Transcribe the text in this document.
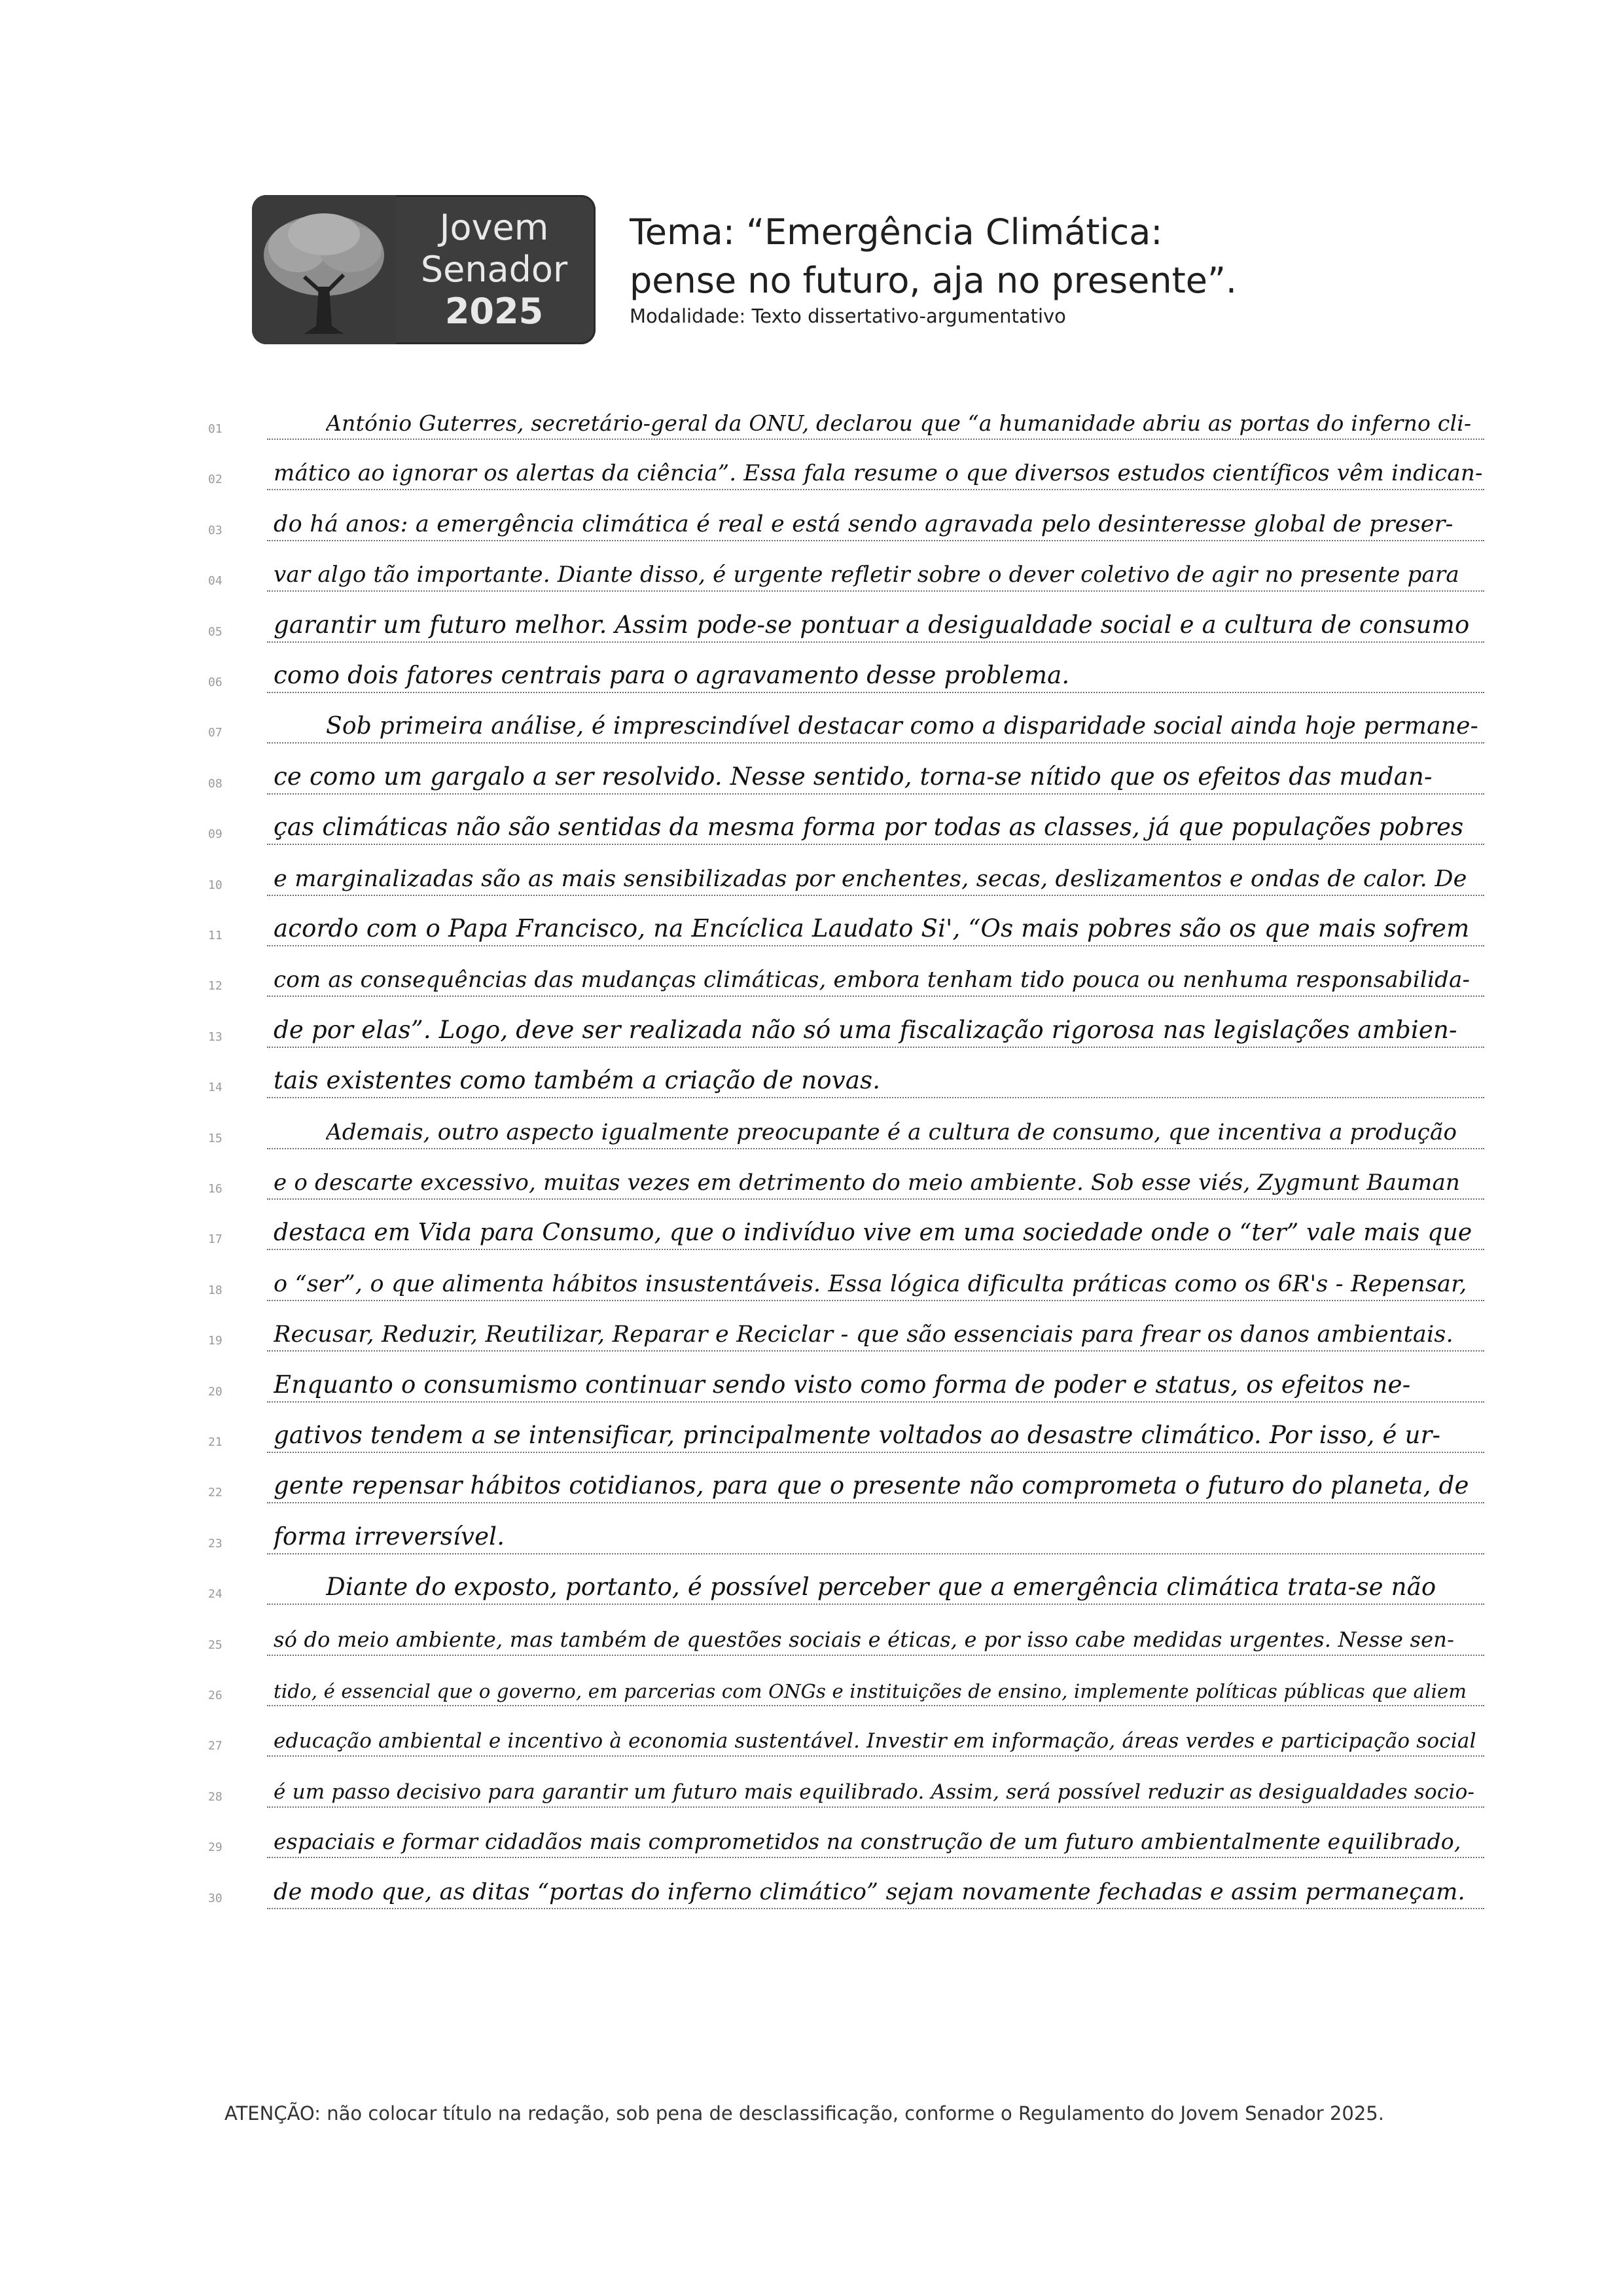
Jovem
Senador
2025
Tema: “Emergência Climática:
pense no futuro, aja no presente”.
Modalidade: Texto dissertativo-argumentativo
01	António Guterres, secretário-geral da ONU, declarou que “a humanidade abriu as portas do inferno cli-
02	mático ao ignorar os alertas da ciência”. Essa fala resume o que diversos estudos científicos vêm indican-
03	do há anos: a emergência climática é real e está sendo agravada pelo desinteresse global de preser-
04	var algo tão importante. Diante disso, é urgente refletir sobre o dever coletivo de agir no presente para
05	garantir um futuro melhor. Assim pode-se pontuar a desigualdade social e a cultura de consumo
06	como dois fatores centrais para o agravamento desse problema.
07	Sob primeira análise, é imprescindível destacar como a disparidade social ainda hoje permane-
08	ce como um gargalo a ser resolvido. Nesse sentido, torna-se nítido que os efeitos das mudan-
09	ças climáticas não são sentidas da mesma forma por todas as classes, já que populações pobres
10	e marginalizadas são as mais sensibilizadas por enchentes, secas, deslizamentos e ondas de calor. De
11	acordo com o Papa Francisco, na Encíclica Laudato Si', “Os mais pobres são os que mais sofrem
12	com as consequências das mudanças climáticas, embora tenham tido pouca ou nenhuma responsabilida-
13	de por elas”. Logo, deve ser realizada não só uma fiscalização rigorosa nas legislações ambien-
14	tais existentes como também a criação de novas.
15	Ademais, outro aspecto igualmente preocupante é a cultura de consumo, que incentiva a produção
16	e o descarte excessivo, muitas vezes em detrimento do meio ambiente. Sob esse viés, Zygmunt Bauman
17	destaca em Vida para Consumo, que o indivíduo vive em uma sociedade onde o “ter” vale mais que
18	o “ser”, o que alimenta hábitos insustentáveis. Essa lógica dificulta práticas como os 6R's - Repensar,
19	Recusar, Reduzir, Reutilizar, Reparar e Reciclar - que são essenciais para frear os danos ambientais.
20	Enquanto o consumismo continuar sendo visto como forma de poder e status, os efeitos ne-
21	gativos tendem a se intensificar, principalmente voltados ao desastre climático. Por isso, é ur-
22	gente repensar hábitos cotidianos, para que o presente não comprometa o futuro do planeta, de
23	forma irreversível.
24	Diante do exposto, portanto, é possível perceber que a emergência climática trata-se não
25	só do meio ambiente, mas também de questões sociais e éticas, e por isso cabe medidas urgentes. Nesse sen-
26	tido, é essencial que o governo, em parcerias com ONGs e instituições de ensino, implemente políticas públicas que aliem
27	educação ambiental e incentivo à economia sustentável. Investir em informação, áreas verdes e participação social
28	é um passo decisivo para garantir um futuro mais equilibrado. Assim, será possível reduzir as desigualdades socio-
29	espaciais e formar cidadãos mais comprometidos na construção de um futuro ambientalmente equilibrado,
30	de modo que, as ditas “portas do inferno climático” sejam novamente fechadas e assim permaneçam.
ATENÇÃO: não colocar título na redação, sob pena de desclassificação, conforme o Regulamento do Jovem Senador 2025.
